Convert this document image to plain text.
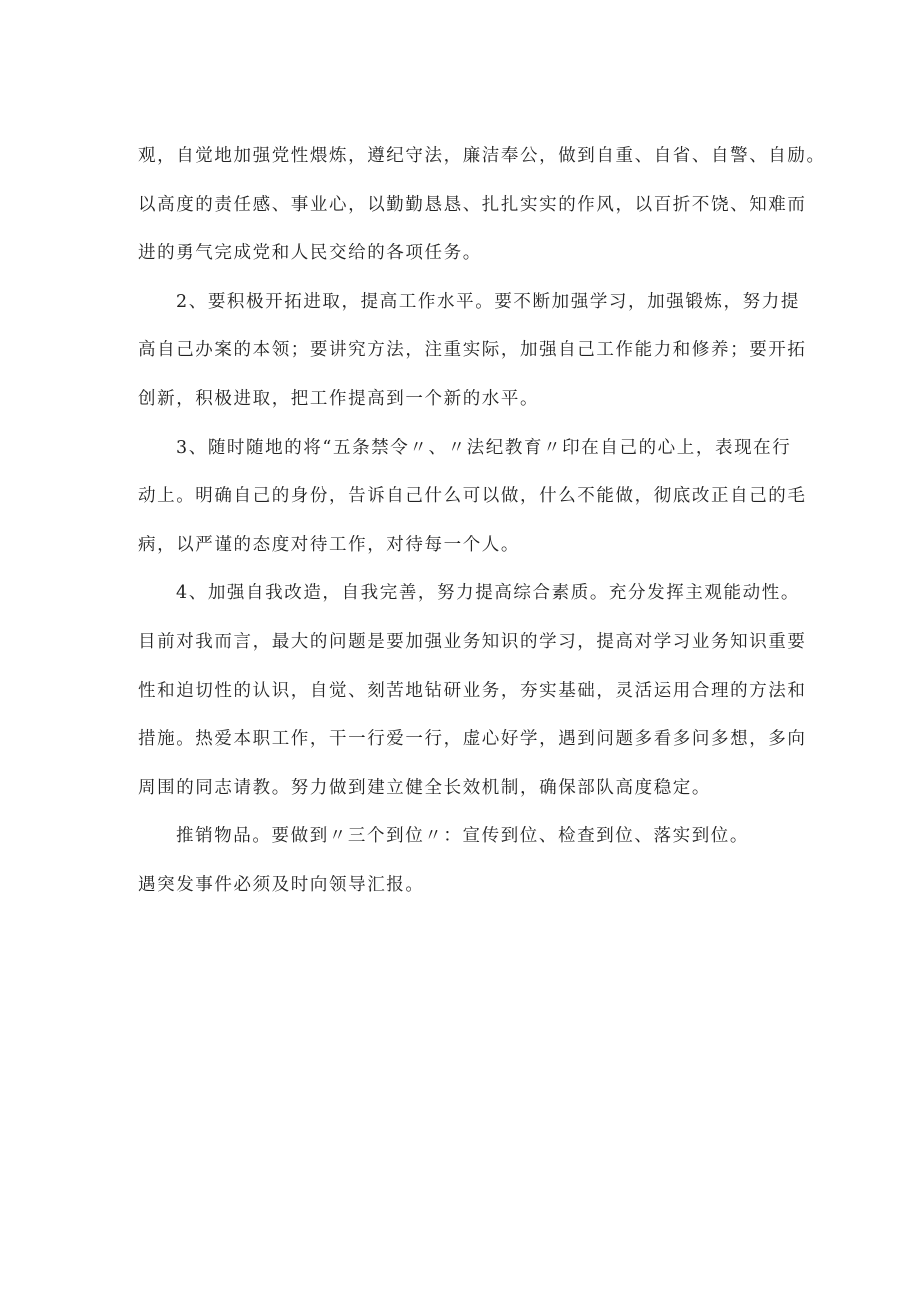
观，自觉地加强党性煨炼，遵纪守法，廉洁奉公，做到自重、自省、自警、自励。
以高度的责任感、事业心，以勤勤恳恳、扎扎实实的作风，以百折不饶、知难而
进的勇气完成党和人民交给的各项任务。
2、要积极开拓进取，提高工作水平。要不断加强学习，加强锻炼，努力提
高自己办案的本领；要讲究方法，注重实际，加强自己工作能力和修养；要开拓
创新，积极进取，把工作提高到一个新的水平。
3、随时随地的将“五条禁令〃、〃法纪教育〃印在自己的心上，表现在行
动上。明确自己的身份，告诉自己什么可以做，什么不能做，彻底改正自己的毛
病，以严谨的态度对待工作，对待每一个人。
4、加强自我改造，自我完善，努力提高综合素质。充分发挥主观能动性。
目前对我而言，最大的问题是要加强业务知识的学习，提高对学习业务知识重要
性和迫切性的认识，自觉、刻苦地钻研业务，夯实基础，灵活运用合理的方法和
措施。热爱本职工作，干一行爱一行，虚心好学，遇到问题多看多问多想，多向
周围的同志请教。努力做到建立健全长效机制，确保部队高度稳定。
推销物品。要做到〃三个到位〃：宣传到位、检查到位、落实到位。
遇突发事件必须及时向领导汇报。
